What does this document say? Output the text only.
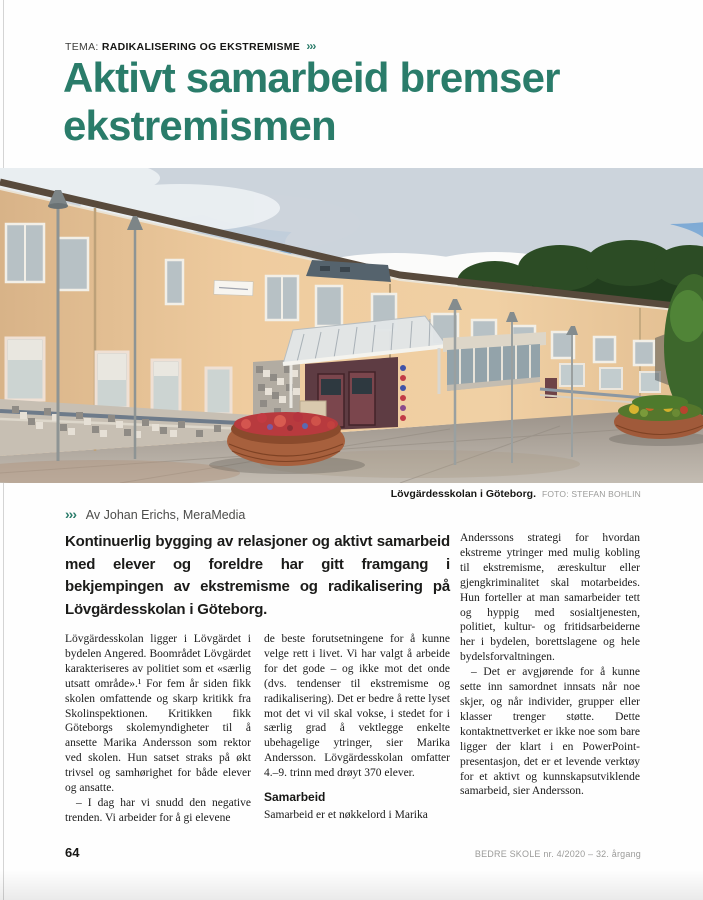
TEMA: RADIKALISERING OG EKSTREMISME ›››
Aktivt samarbeid bremser
ekstremismen
Lövgärdesskolan i Göteborg. FOTO: STEFAN BOHLIN
››› Av Johan Erichs, MeraMedia
Kontinuerlig bygging av relasjoner og aktivt samarbeid med elever og foreldre har gitt framgang i bekjempingen av ekstremisme og radikalisering på Lövgärdesskolan i Göteborg.

Lövgärdesskolan ligger i Lövgärdet i bydelen Angered. Boområdet Lövgärdet karakteriseres av politiet som et «særlig utsatt område».¹ For fem år siden fikk skolen omfattende og skarp kritikk fra Skolinspektionen. Kritikken fikk Göteborgs skolemyndigheter til å ansette Marika Andersson som rektor ved skolen. Hun satset straks på økt trivsel og samhørighet for både elever og ansatte.

– I dag har vi snudd den negative trenden. Vi arbeider for å gi elevene

de beste forutsetningene for å kunne velge rett i livet. Vi har valgt å arbeide for det gode – og ikke mot det onde (dvs. tendenser til ekstremisme og radikalisering). Det er bedre å rette lyset mot det vi vil skal vokse, i stedet for i særlig grad å vektlegge enkelte ubehagelige ytringer, sier Marika Andersson. Lövgärdesskolan omfatter 4.–9. trinn med drøyt 370 elever.

Samarbeid

Samarbeid er et nøkkelord i Marika

Anderssons strategi for hvordan ekstreme ytringer med mulig kobling til ekstremisme, æreskultur eller gjengkriminalitet skal motarbeides. Hun forteller at man samarbeider tett og hyppig med sosialtjenesten, politiet, kultur- og fritidsarbeiderne her i bydelen, borettslagene og hele bydelsforvaltningen.

– Det er avgjørende for å kunne sette inn samordnet innsats når noe skjer, og når individer, grupper eller klasser trenger støtte. Dette kontaktnettverket er ikke noe som bare ligger der klart i en PowerPoint-presentasjon, det er et levende verktøy for et aktivt og kunnskapsutviklende samarbeid, sier Andersson.

64	BEDRE SKOLE nr. 4/2020 – 32. årgang
